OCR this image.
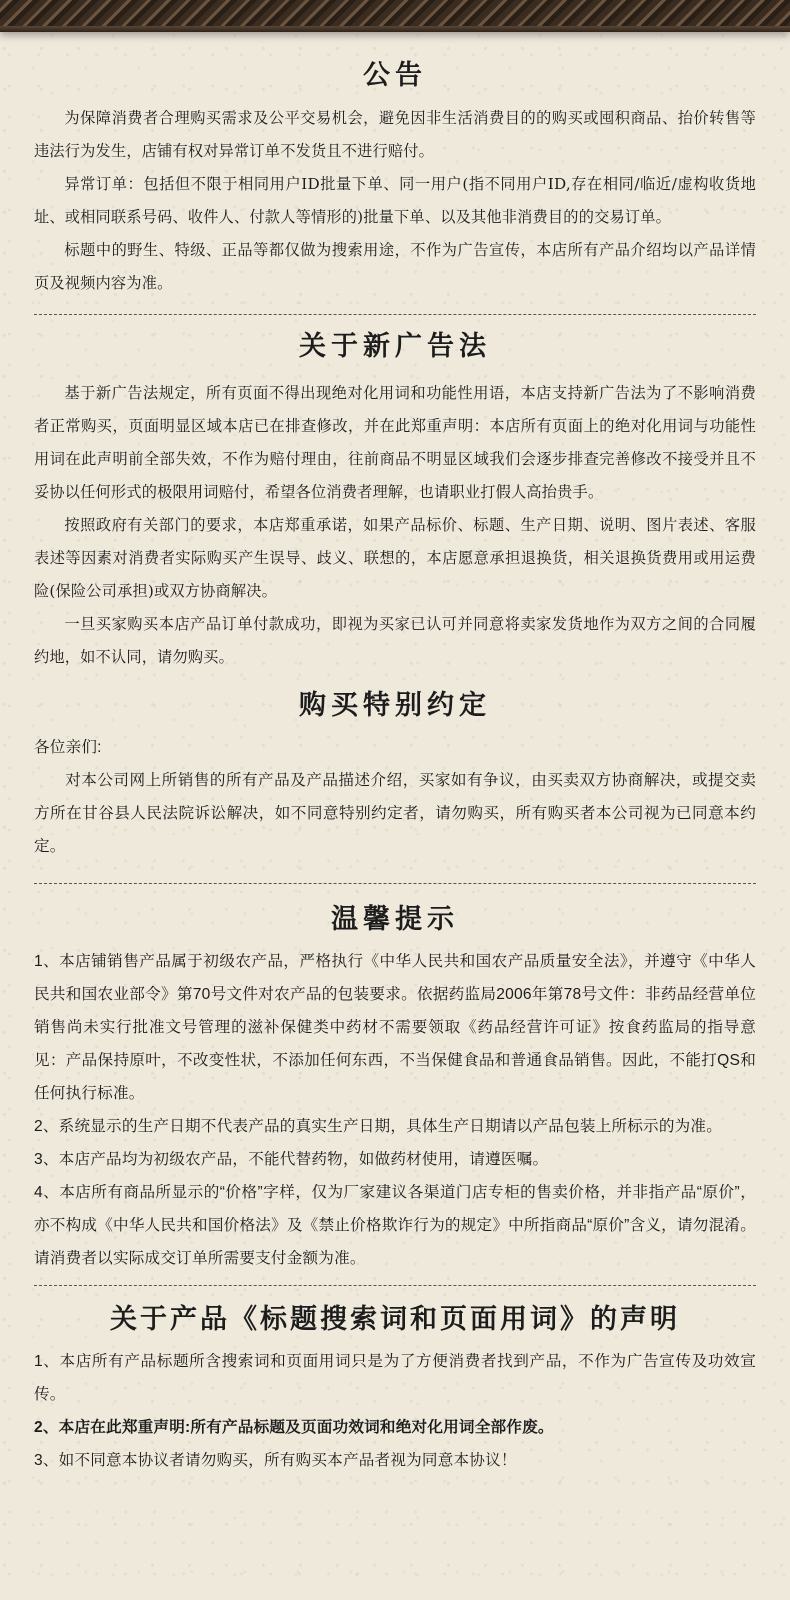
公告

为保障消费者合理购买需求及公平交易机会，避免因非生活消费目的的购买或囤积商品、抬价转售等违法行为发生，店铺有权对异常订单不发货且不进行赔付。

异常订单：包括但不限于相同用户ID批量下单、同一用户(指不同用户ID,存在相同/临近/虚构收货地址、或相同联系号码、收件人、付款人等情形的)批量下单、以及其他非消费目的的交易订单。

标题中的野生、特级、正品等都仅做为搜索用途，不作为广告宣传，本店所有产品介绍均以产品详情页及视频内容为准。

关于新广告法

基于新广告法规定，所有页面不得出现绝对化用词和功能性用语，本店支持新广告法为了不影响消费者正常购买，页面明显区域本店已在排查修改，并在此郑重声明：本店所有页面上的绝对化用词与功能性用词在此声明前全部失效，不作为赔付理由，往前商品不明显区域我们会逐步排查完善修改不接受并且不妥协以任何形式的极限用词赔付，希望各位消费者理解，也请职业打假人高抬贵手。

按照政府有关部门的要求，本店郑重承诺，如果产品标价、标题、生产日期、说明、图片表述、客服表述等因素对消费者实际购买产生误导、歧义、联想的，本店愿意承担退换货，相关退换货费用或用运费险(保险公司承担)或双方协商解决。

一旦买家购买本店产品订单付款成功，即视为买家已认可并同意将卖家发货地作为双方之间的合同履约地，如不认同，请勿购买。

购买特别约定

各位亲们:

对本公司网上所销售的所有产品及产品描述介绍，买家如有争议，由买卖双方协商解决，或提交卖方所在甘谷县人民法院诉讼解决，如不同意特别约定者，请勿购买，所有购买者本公司视为已同意本约定。

温馨提示

1、本店铺销售产品属于初级农产品，严格执行《中华人民共和国农产品质量安全法》，并遵守《中华人民共和国农业部令》第70号文件对农产品的包装要求。依据药监局2006年第78号文件：非药品经营单位销售尚未实行批准文号管理的滋补保健类中药材不需要领取《药品经营许可证》按食药监局的指导意见：产品保持原叶，不改变性状，不添加任何东西，不当保健食品和普通食品销售。因此，不能打QS和任何执行标准。

2、系统显示的生产日期不代表产品的真实生产日期，具体生产日期请以产品包装上所标示的为准。

3、本店产品均为初级农产品，不能代替药物，如做药材使用，请遵医嘱。

4、本店所有商品所显示的“价格”字样，仅为厂家建议各渠道门店专柜的售卖价格，并非指产品“原价”，亦不构成《中华人民共和国价格法》及《禁止价格欺诈行为的规定》中所指商品“原价”含义，请勿混淆。请消费者以实际成交订单所需要支付金额为准。

关于产品《标题搜索词和页面用词》的声明

1、本店所有产品标题所含搜索词和页面用词只是为了方便消费者找到产品，不作为广告宣传及功效宣传。

2、本店在此郑重声明:所有产品标题及页面功效词和绝对化用词全部作废。

3、如不同意本协议者请勿购买，所有购买本产品者视为同意本协议！
